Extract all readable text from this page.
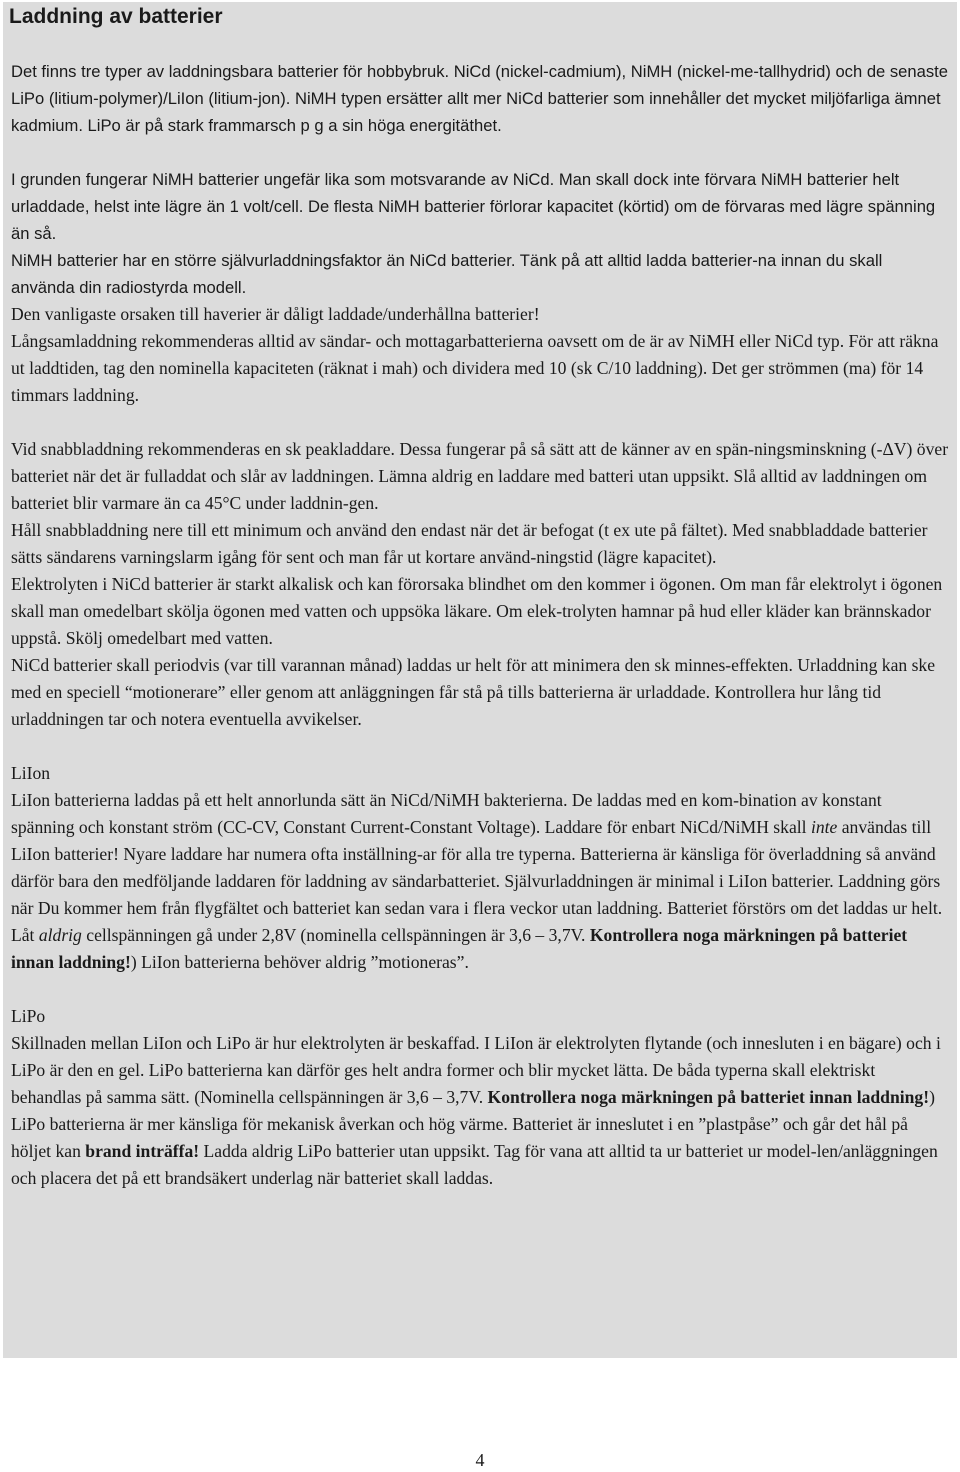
Laddning av batterier

Det finns tre typer av laddningsbara batterier för hobbybruk. NiCd (nickel-cadmium), NiMH (nickel-me-tallhydrid) och de senaste LiPo (litium-polymer)/LiIon (litium-jon). NiMH typen ersätter allt mer NiCd batterier som innehåller det mycket miljöfarliga ämnet kadmium. LiPo är på stark frammarsch p g a sin höga energitäthet.

I grunden fungerar NiMH batterier ungefär lika som motsvarande av NiCd. Man skall dock inte förvara NiMH batterier helt urladdade, helst inte lägre än 1 volt/cell. De flesta NiMH batterier förlorar kapacitet (körtid) om de förvaras med lägre spänning än så.

NiMH batterier har en större självurladdningsfaktor än NiCd batterier. Tänk på att alltid ladda batterier-na innan du skall använda din radiostyrda modell.

Den vanligaste orsaken till haverier är dåligt laddade/underhållna batterier!

Långsamladdning rekommenderas alltid av sändar- och mottagarbatterierna oavsett om de är av NiMH eller NiCd typ. För att räkna ut laddtiden, tag den nominella kapaciteten (räknat i mah) och dividera med 10 (sk C/10 laddning). Det ger strömmen (ma) för 14 timmars laddning.

Vid snabbladdning rekommenderas en sk peakladdare. Dessa fungerar på så sätt att de känner av en spän-ningsminskning (-ΔV) över batteriet när det är fulladdat och slår av laddningen. Lämna aldrig en laddare med batteri utan uppsikt. Slå alltid av laddningen om batteriet blir varmare än ca 45°C under laddnin-gen.

Håll snabbladdning nere till ett minimum och använd den endast när det är befogat (t ex ute på fältet). Med snabbladdade batterier sätts sändarens varningslarm igång för sent och man får ut kortare använd-ningstid (lägre kapacitet).

Elektrolyten i NiCd batterier är starkt alkalisk och kan förorsaka blindhet om den kommer i ögonen. Om man får elektrolyt i ögonen skall man omedelbart skölja ögonen med vatten och uppsöka läkare. Om elek-trolyten hamnar på hud eller kläder kan brännskador uppstå. Skölj omedelbart med vatten.

NiCd batterier skall periodvis (var till varannan månad) laddas ur helt för att minimera den sk minnes-effekten. Urladdning kan ske med en speciell “motionerare” eller genom att anläggningen får stå på tills batterierna är urladdade. Kontrollera hur lång tid urladdningen tar och notera eventuella avvikelser.

LiIon

LiIon batterierna laddas på ett helt annorlunda sätt än NiCd/NiMH bakterierna. De laddas med en kom-bination av konstant spänning och konstant ström (CC-CV, Constant Current-Constant Voltage). Laddare för enbart NiCd/NiMH skall inte användas till LiIon batterier! Nyare laddare har numera ofta inställning-ar för alla tre typerna. Batterierna är känsliga för överladdning så använd därför bara den medföljande laddaren för laddning av sändarbatteriet. Självurladdningen är minimal i LiIon batterier. Laddning görs när Du kommer hem från flygfältet och batteriet kan sedan vara i flera veckor utan laddning. Batteriet förstörs om det laddas ur helt. Låt aldrig cellspänningen gå under 2,8V (nominella cellspänningen är 3,6 – 3,7V. Kontrollera noga märkningen på batteriet innan laddning!) LiIon batterierna behöver aldrig ”motioneras”.

LiPo

Skillnaden mellan LiIon och LiPo är hur elektrolyten är beskaffad. I LiIon är elektrolyten flytande (och innesluten i en bägare) och i LiPo är den en gel. LiPo batterierna kan därför ges helt andra former och blir mycket lätta. De båda typerna skall elektriskt behandlas på samma sätt. (Nominella cellspänningen är 3,6 – 3,7V. Kontrollera noga märkningen på batteriet innan laddning!) LiPo batterierna är mer känsliga för mekanisk åverkan och hög värme. Batteriet är inneslutet i en ”plastpåse” och går det hål på höljet kan brand inträffa! Ladda aldrig LiPo batterier utan uppsikt. Tag för vana att alltid ta ur batteriet ur model-len/anläggningen och placera det på ett brandsäkert underlag när batteriet skall laddas.

4
